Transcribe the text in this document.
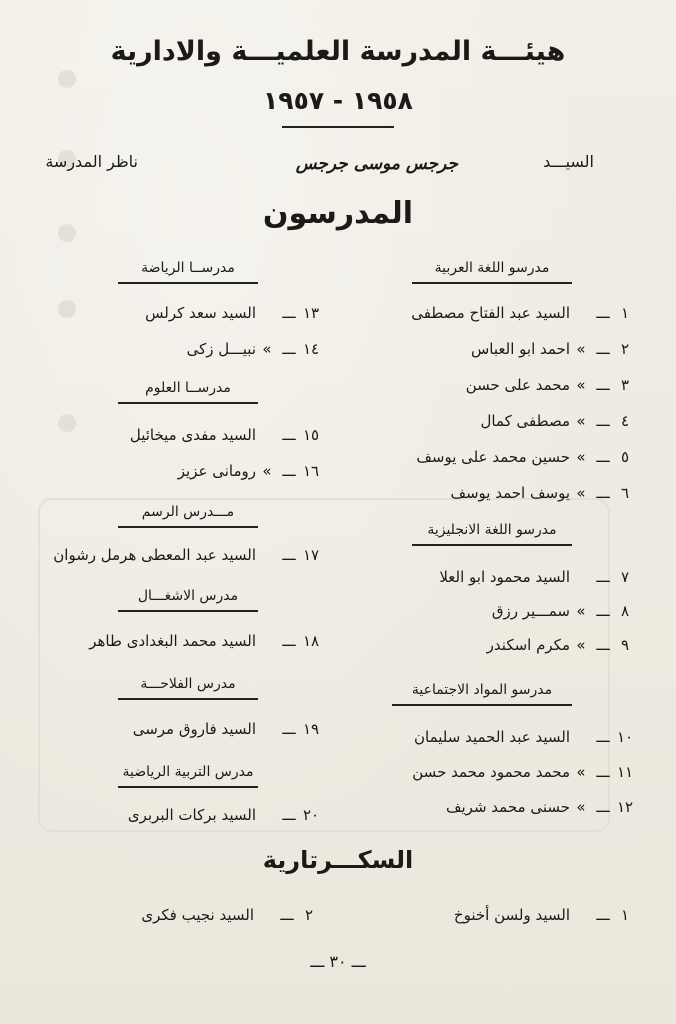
هيئـــة المدرسة العلميـــة والادارية
١٩٥٨ - ١٩٥٧
السيـــد
جرجس موسى جرجس
ناظر المدرسة
المدرسون
مدرسو اللغة العربية
١ـــالسيد عبد الفتاح مصطفى
٢ـــ»احمد ابو العباس
٣ـــ»محمد على حسن
٤ـــ»مصطفى كمال
٥ـــ»حسين محمد على يوسف
٦ـــ»يوسف احمد يوسف
مدرسو اللغة الانجليزية
٧ـــالسيد محمود ابو العلا
٨ـــ»سمـــير رزق
٩ـــ»مكرم اسكندر
مدرسو المواد الاجتماعية
١٠ـــالسيد عبد الحميد سليمان
١١ـــ»محمد محمود محمد حسن
١٢ـــ»حسنى محمد شريف
مدرســا الرياضة
١٣ـــالسيد سعد كرلس
١٤ـــ»نبيـــل زكى
مدرســا العلوم
١٥ـــالسيد مفدى ميخائيل
١٦ـــ»رومانى عزيز
مـــدرس الرسم
١٧ـــالسيد عبد المعطى هرمل رشوان
مدرس الاشغـــال
١٨ـــالسيد محمد البغدادى طاهر
مدرس الفلاحـــة
١٩ـــالسيد فاروق مرسى
مدرس التربية الرياضية
٢٠ـــالسيد بركات البربرى
السكـــرتارية
١ـــالسيد ولسن أخنوخ
٢ـــالسيد نجيب فكرى
ـــ ٣٠ ـــ
